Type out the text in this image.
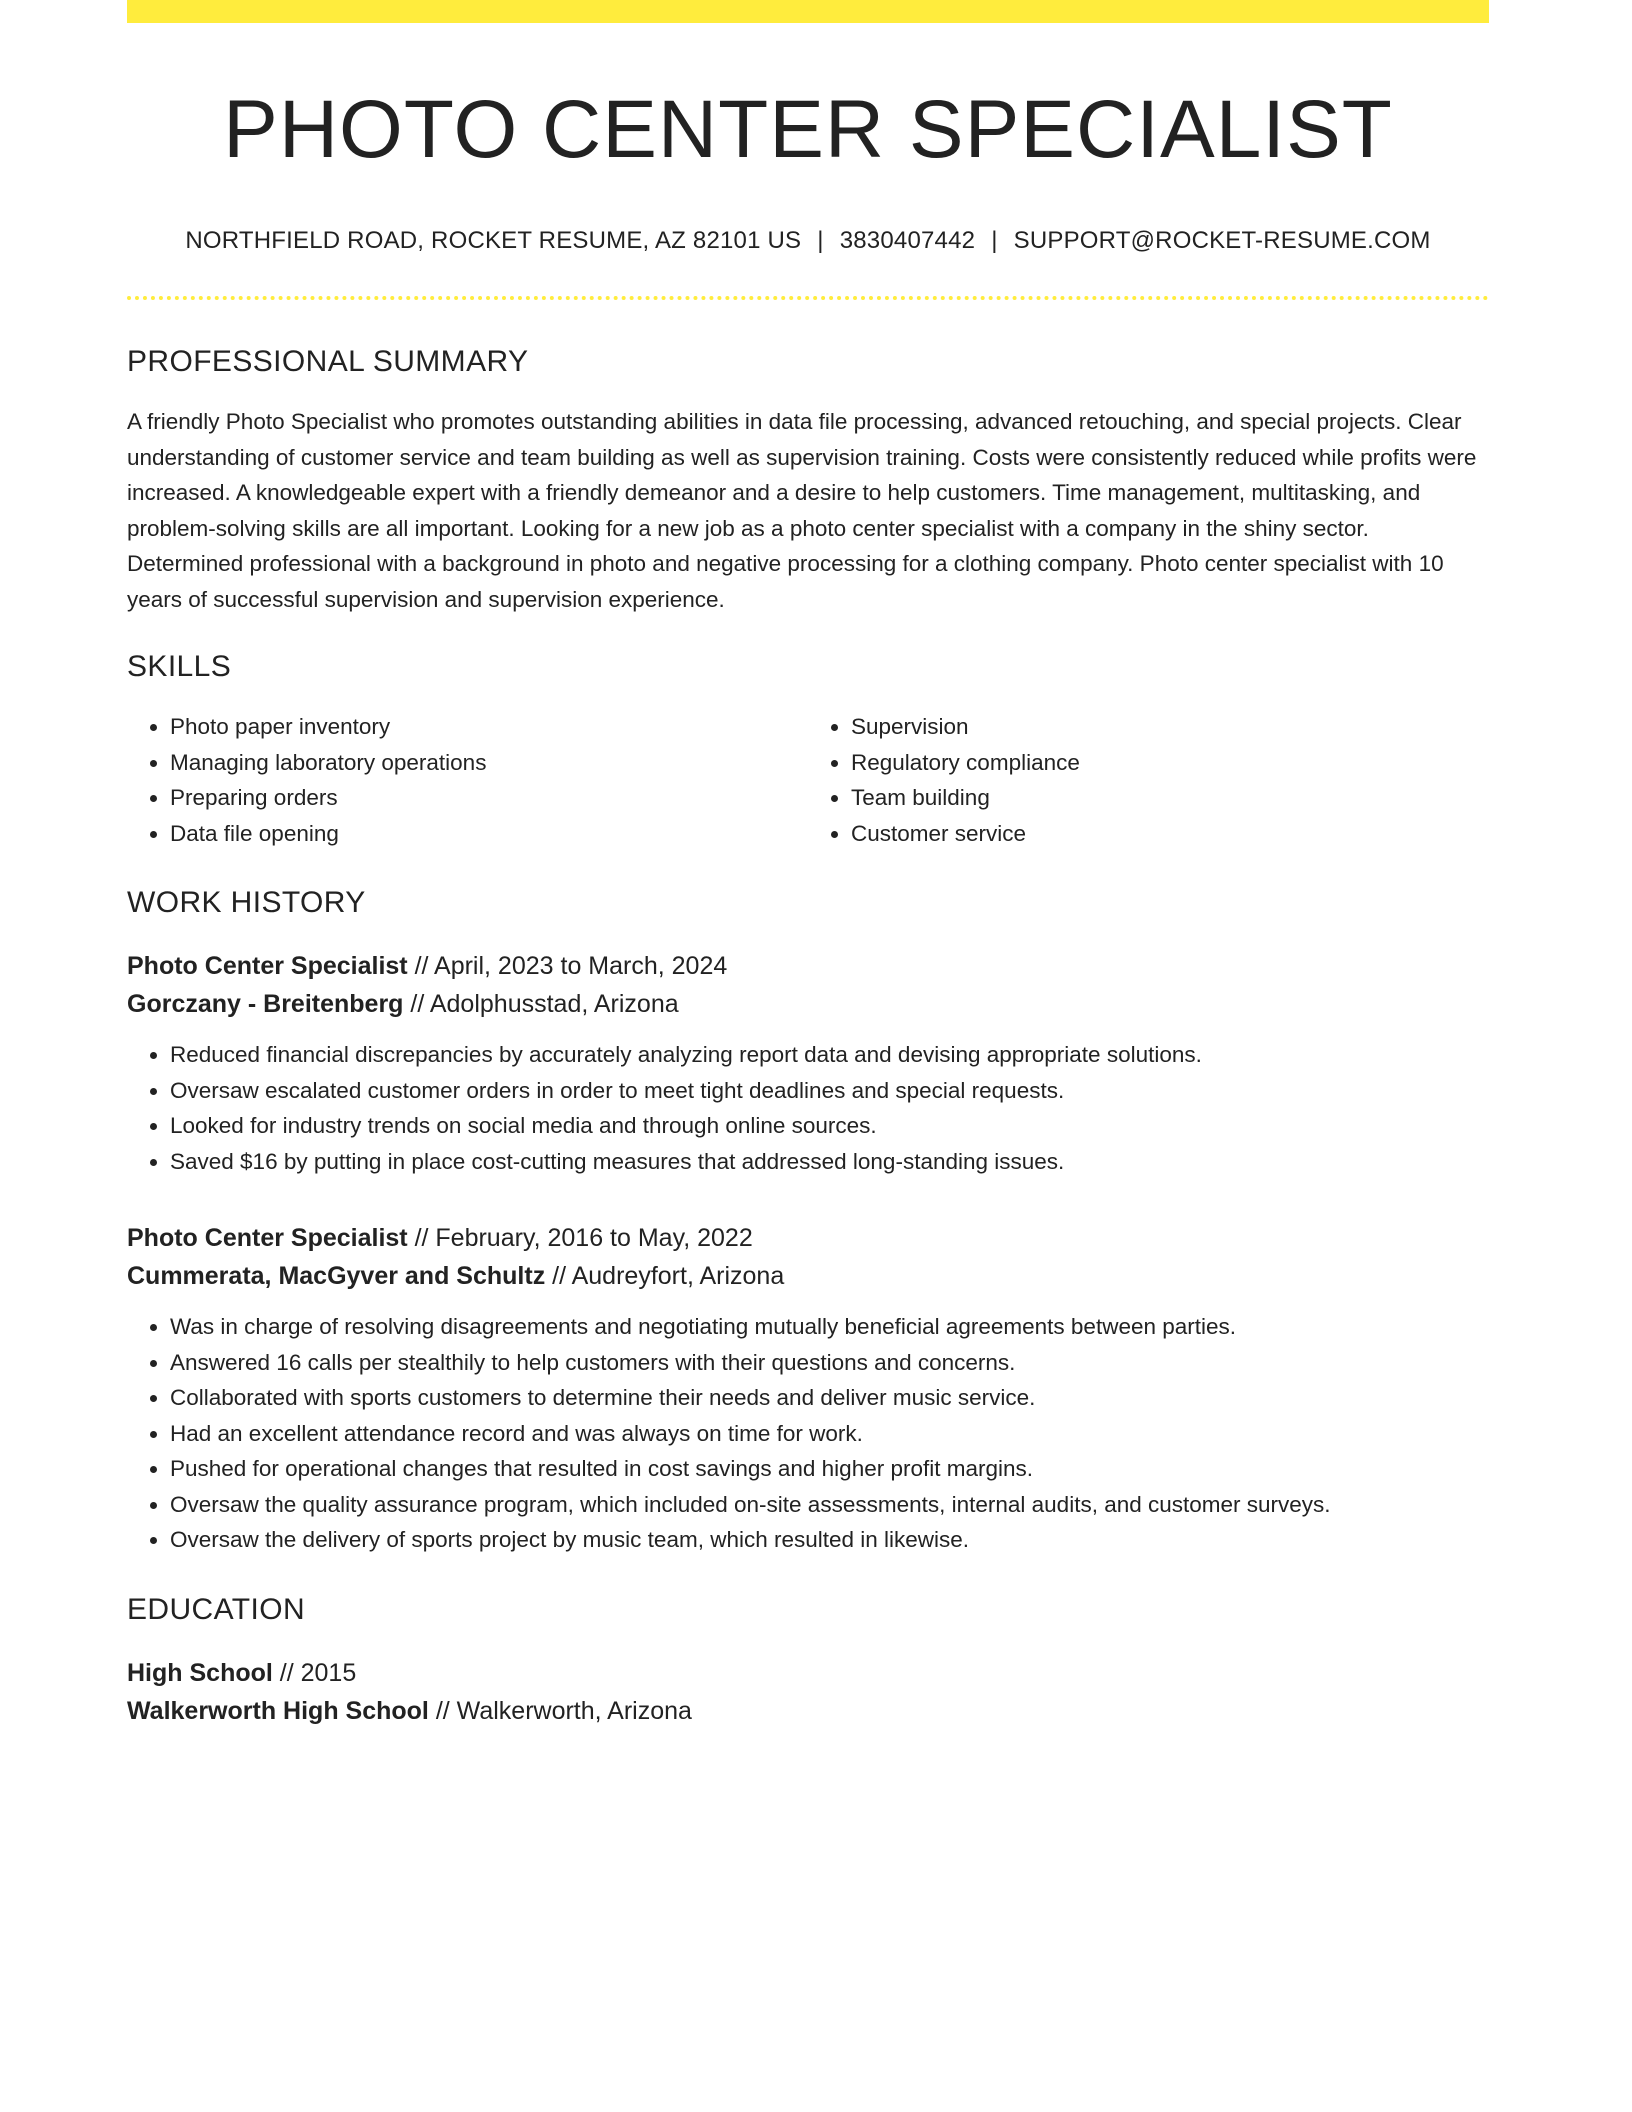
PHOTO CENTER SPECIALIST
NORTHFIELD ROAD, ROCKET RESUME, AZ 82101 US | 3830407442 | SUPPORT@ROCKET-RESUME.COM
PROFESSIONAL SUMMARY

A friendly Photo Specialist who promotes outstanding abilities in data file processing, advanced retouching, and special projects. Clear understanding of customer service and team building as well as supervision training. Costs were consistently reduced while profits were increased. A knowledgeable expert with a friendly demeanor and a desire to help customers. Time management, multitasking, and problem-solving skills are all important. Looking for a new job as a photo center specialist with a company in the shiny sector. Determined professional with a background in photo and negative processing for a clothing company. Photo center specialist with 10 years of successful supervision and supervision experience.

SKILLS
• Photo paper inventory
• Managing laboratory operations
• Preparing orders
• Data file opening
• Supervision
• Regulatory compliance
• Team building
• Customer service
WORK HISTORY
Photo Center Specialist // April, 2023 to March, 2024
Gorczany - Breitenberg // Adolphusstad, Arizona
• Reduced financial discrepancies by accurately analyzing report data and devising appropriate solutions.
• Oversaw escalated customer orders in order to meet tight deadlines and special requests.
• Looked for industry trends on social media and through online sources.
• Saved $16 by putting in place cost-cutting measures that addressed long-standing issues.
Photo Center Specialist // February, 2016 to May, 2022
Cummerata, MacGyver and Schultz // Audreyfort, Arizona
• Was in charge of resolving disagreements and negotiating mutually beneficial agreements between parties.
• Answered 16 calls per stealthily to help customers with their questions and concerns.
• Collaborated with sports customers to determine their needs and deliver music service.
• Had an excellent attendance record and was always on time for work.
• Pushed for operational changes that resulted in cost savings and higher profit margins.
• Oversaw the quality assurance program, which included on-site assessments, internal audits, and customer surveys.
• Oversaw the delivery of sports project by music team, which resulted in likewise.
EDUCATION
High School // 2015
Walkerworth High School // Walkerworth, Arizona
